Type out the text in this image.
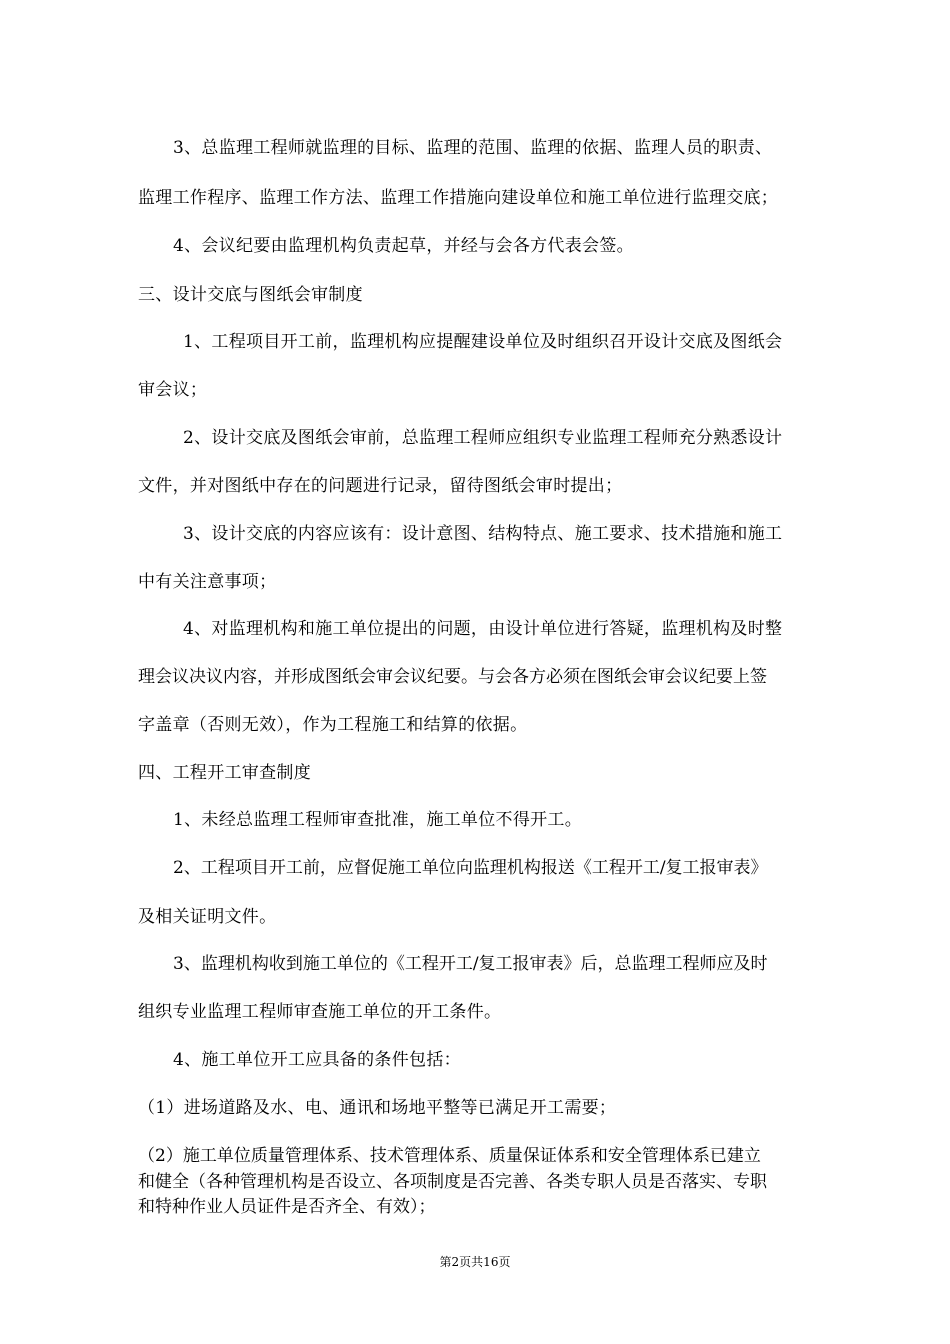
3、总监理工程师就监理的目标、监理的范围、监理的依据、监理人员的职责、
监理工作程序、监理工作方法、监理工作措施向建设单位和施工单位进行监理交底；
4、会议纪要由监理机构负责起草，并经与会各方代表会签。
三、设计交底与图纸会审制度
1、工程项目开工前，监理机构应提醒建设单位及时组织召开设计交底及图纸会
审会议；
2、设计交底及图纸会审前，总监理工程师应组织专业监理工程师充分熟悉设计
文件，并对图纸中存在的问题进行记录，留待图纸会审时提出；
3、设计交底的内容应该有：设计意图、结构特点、施工要求、技术措施和施工
中有关注意事项；
4、对监理机构和施工单位提出的问题，由设计单位进行答疑，监理机构及时整
理会议决议内容，并形成图纸会审会议纪要。与会各方必须在图纸会审会议纪要上签
字盖章（否则无效），作为工程施工和结算的依据。
四、工程开工审查制度
1、未经总监理工程师审查批准，施工单位不得开工。
2、工程项目开工前，应督促施工单位向监理机构报送《工程开工/复工报审表》
及相关证明文件。
3、监理机构收到施工单位的《工程开工/复工报审表》后，总监理工程师应及时
组织专业监理工程师审查施工单位的开工条件。
4、施工单位开工应具备的条件包括：
（1）进场道路及水、电、通讯和场地平整等已满足开工需要；
（2）施工单位质量管理体系、技术管理体系、质量保证体系和安全管理体系已建立
和健全（各种管理机构是否设立、各项制度是否完善、各类专职人员是否落实、专职
和特种作业人员证件是否齐全、有效）；
第2页共16页
